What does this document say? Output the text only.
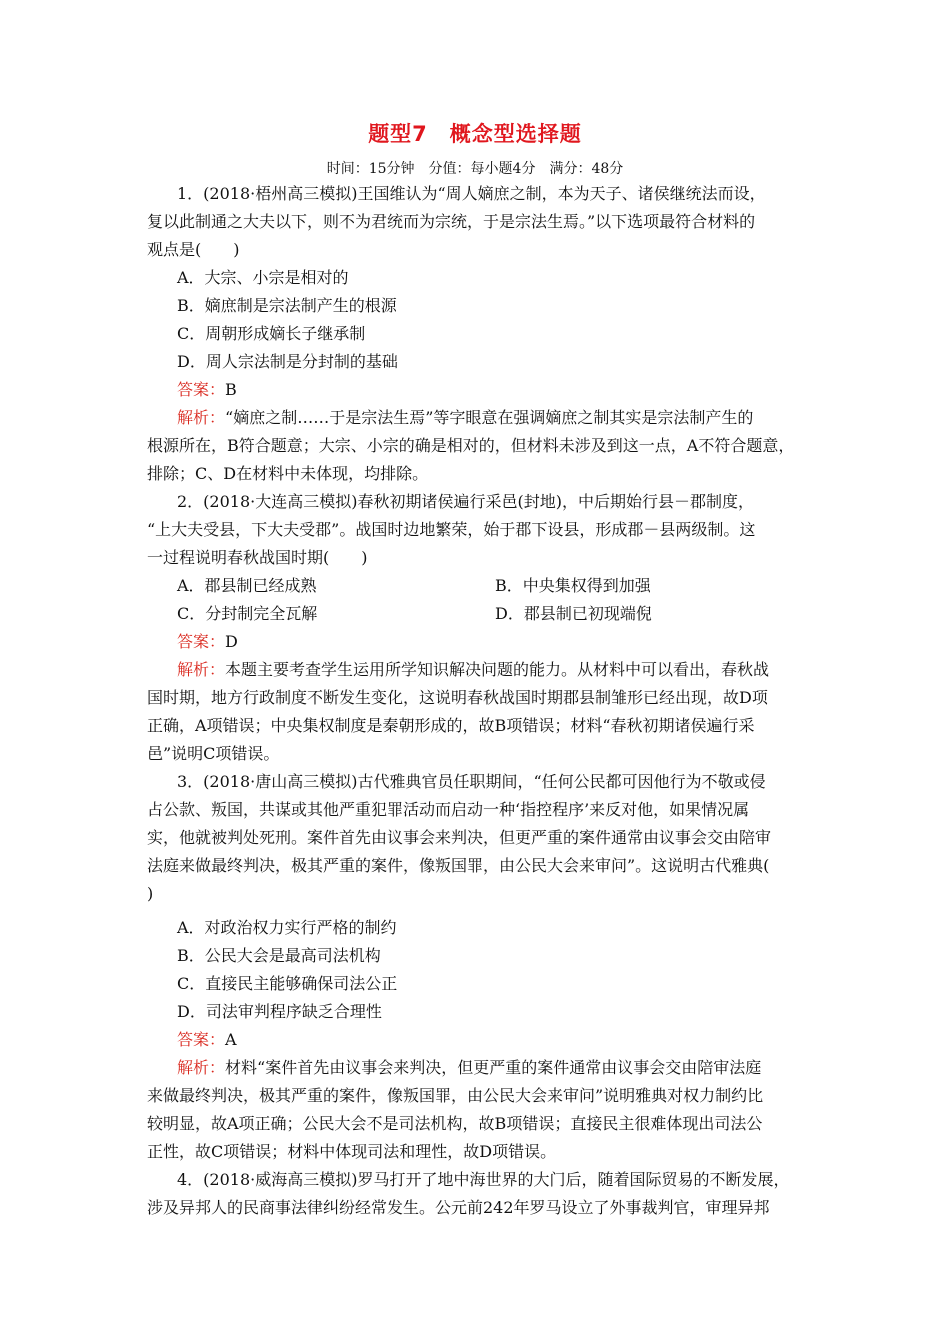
题型7　概念型选择题
时间：15分钟　分值：每小题4分　满分：48分
1．(2018·梧州高三模拟)王国维认为“周人嫡庶之制，本为天子、诸侯继统法而设，
复以此制通之大夫以下，则不为君统而为宗统，于是宗法生焉。”以下选项最符合材料的
观点是(　　)
A．大宗、小宗是相对的
B．嫡庶制是宗法制产生的根源
C．周朝形成嫡长子继承制
D．周人宗法制是分封制的基础
答案：B
解析：“嫡庶之制……于是宗法生焉”等字眼意在强调嫡庶之制其实是宗法制产生的
根源所在，B符合题意；大宗、小宗的确是相对的，但材料未涉及到这一点，A不符合题意，
排除；C、D在材料中未体现，均排除。
2．(2018·大连高三模拟)春秋初期诸侯遍行采邑(封地)，中后期始行县－郡制度，
“上大夫受县，下大夫受郡”。战国时边地繁荣，始于郡下设县，形成郡－县两级制。这
一过程说明春秋战国时期(　　)
A．郡县制已经成熟	B．中央集权得到加强
C．分封制完全瓦解	D．郡县制已初现端倪
答案：D
解析：本题主要考查学生运用所学知识解决问题的能力。从材料中可以看出，春秋战
国时期，地方行政制度不断发生变化，这说明春秋战国时期郡县制雏形已经出现，故D项
正确，A项错误；中央集权制度是秦朝形成的，故B项错误；材料“春秋初期诸侯遍行采
邑”说明C项错误。
3．(2018·唐山高三模拟)古代雅典官员任职期间，“任何公民都可因他行为不敬或侵
占公款、叛国，共谋或其他严重犯罪活动而启动一种‘指控程序’来反对他，如果情况属
实，他就被判处死刑。案件首先由议事会来判决，但更严重的案件通常由议事会交由陪审
法庭来做最终判决，极其严重的案件，像叛国罪，由公民大会来审问”。这说明古代雅典(
)
A．对政治权力实行严格的制约
B．公民大会是最高司法机构
C．直接民主能够确保司法公正
D．司法审判程序缺乏合理性
答案：A
解析：材料“案件首先由议事会来判决，但更严重的案件通常由议事会交由陪审法庭
来做最终判决，极其严重的案件，像叛国罪，由公民大会来审问”说明雅典对权力制约比
较明显，故A项正确；公民大会不是司法机构，故B项错误；直接民主很难体现出司法公
正性，故C项错误；材料中体现司法和理性，故D项错误。
4．(2018·威海高三模拟)罗马打开了地中海世界的大门后，随着国际贸易的不断发展，
涉及异邦人的民商事法律纠纷经常发生。公元前242年罗马设立了外事裁判官，审理异邦
